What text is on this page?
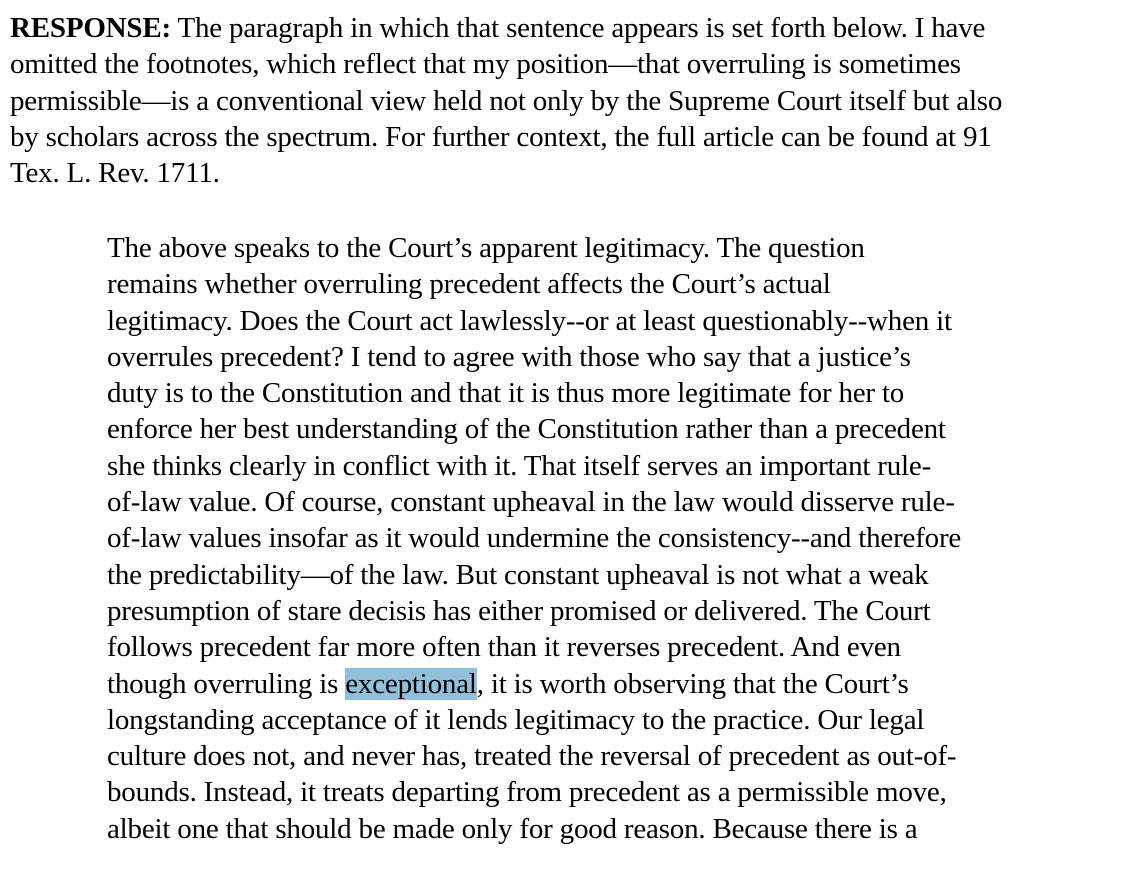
RESPONSE: The paragraph in which that sentence appears is set forth below. I have
omitted the footnotes, which reflect that my position—that overruling is sometimes
permissible—is a conventional view held not only by the Supreme Court itself but also
by scholars across the spectrum. For further context, the full article can be found at 91
Tex. L. Rev. 1711.
The above speaks to the Court’s apparent legitimacy. The question
remains whether overruling precedent affects the Court’s actual
legitimacy. Does the Court act lawlessly--or at least questionably--when it
overrules precedent? I tend to agree with those who say that a justice’s
duty is to the Constitution and that it is thus more legitimate for her to
enforce her best understanding of the Constitution rather than a precedent
she thinks clearly in conflict with it. That itself serves an important rule-
of-law value. Of course, constant upheaval in the law would disserve rule-
of-law values insofar as it would undermine the consistency--and therefore
the predictability—of the law. But constant upheaval is not what a weak
presumption of stare decisis has either promised or delivered. The Court
follows precedent far more often than it reverses precedent. And even
though overruling is exceptional, it is worth observing that the Court’s
longstanding acceptance of it lends legitimacy to the practice. Our legal
culture does not, and never has, treated the reversal of precedent as out-of-
bounds. Instead, it treats departing from precedent as a permissible move,
albeit one that should be made only for good reason. Because there is a
